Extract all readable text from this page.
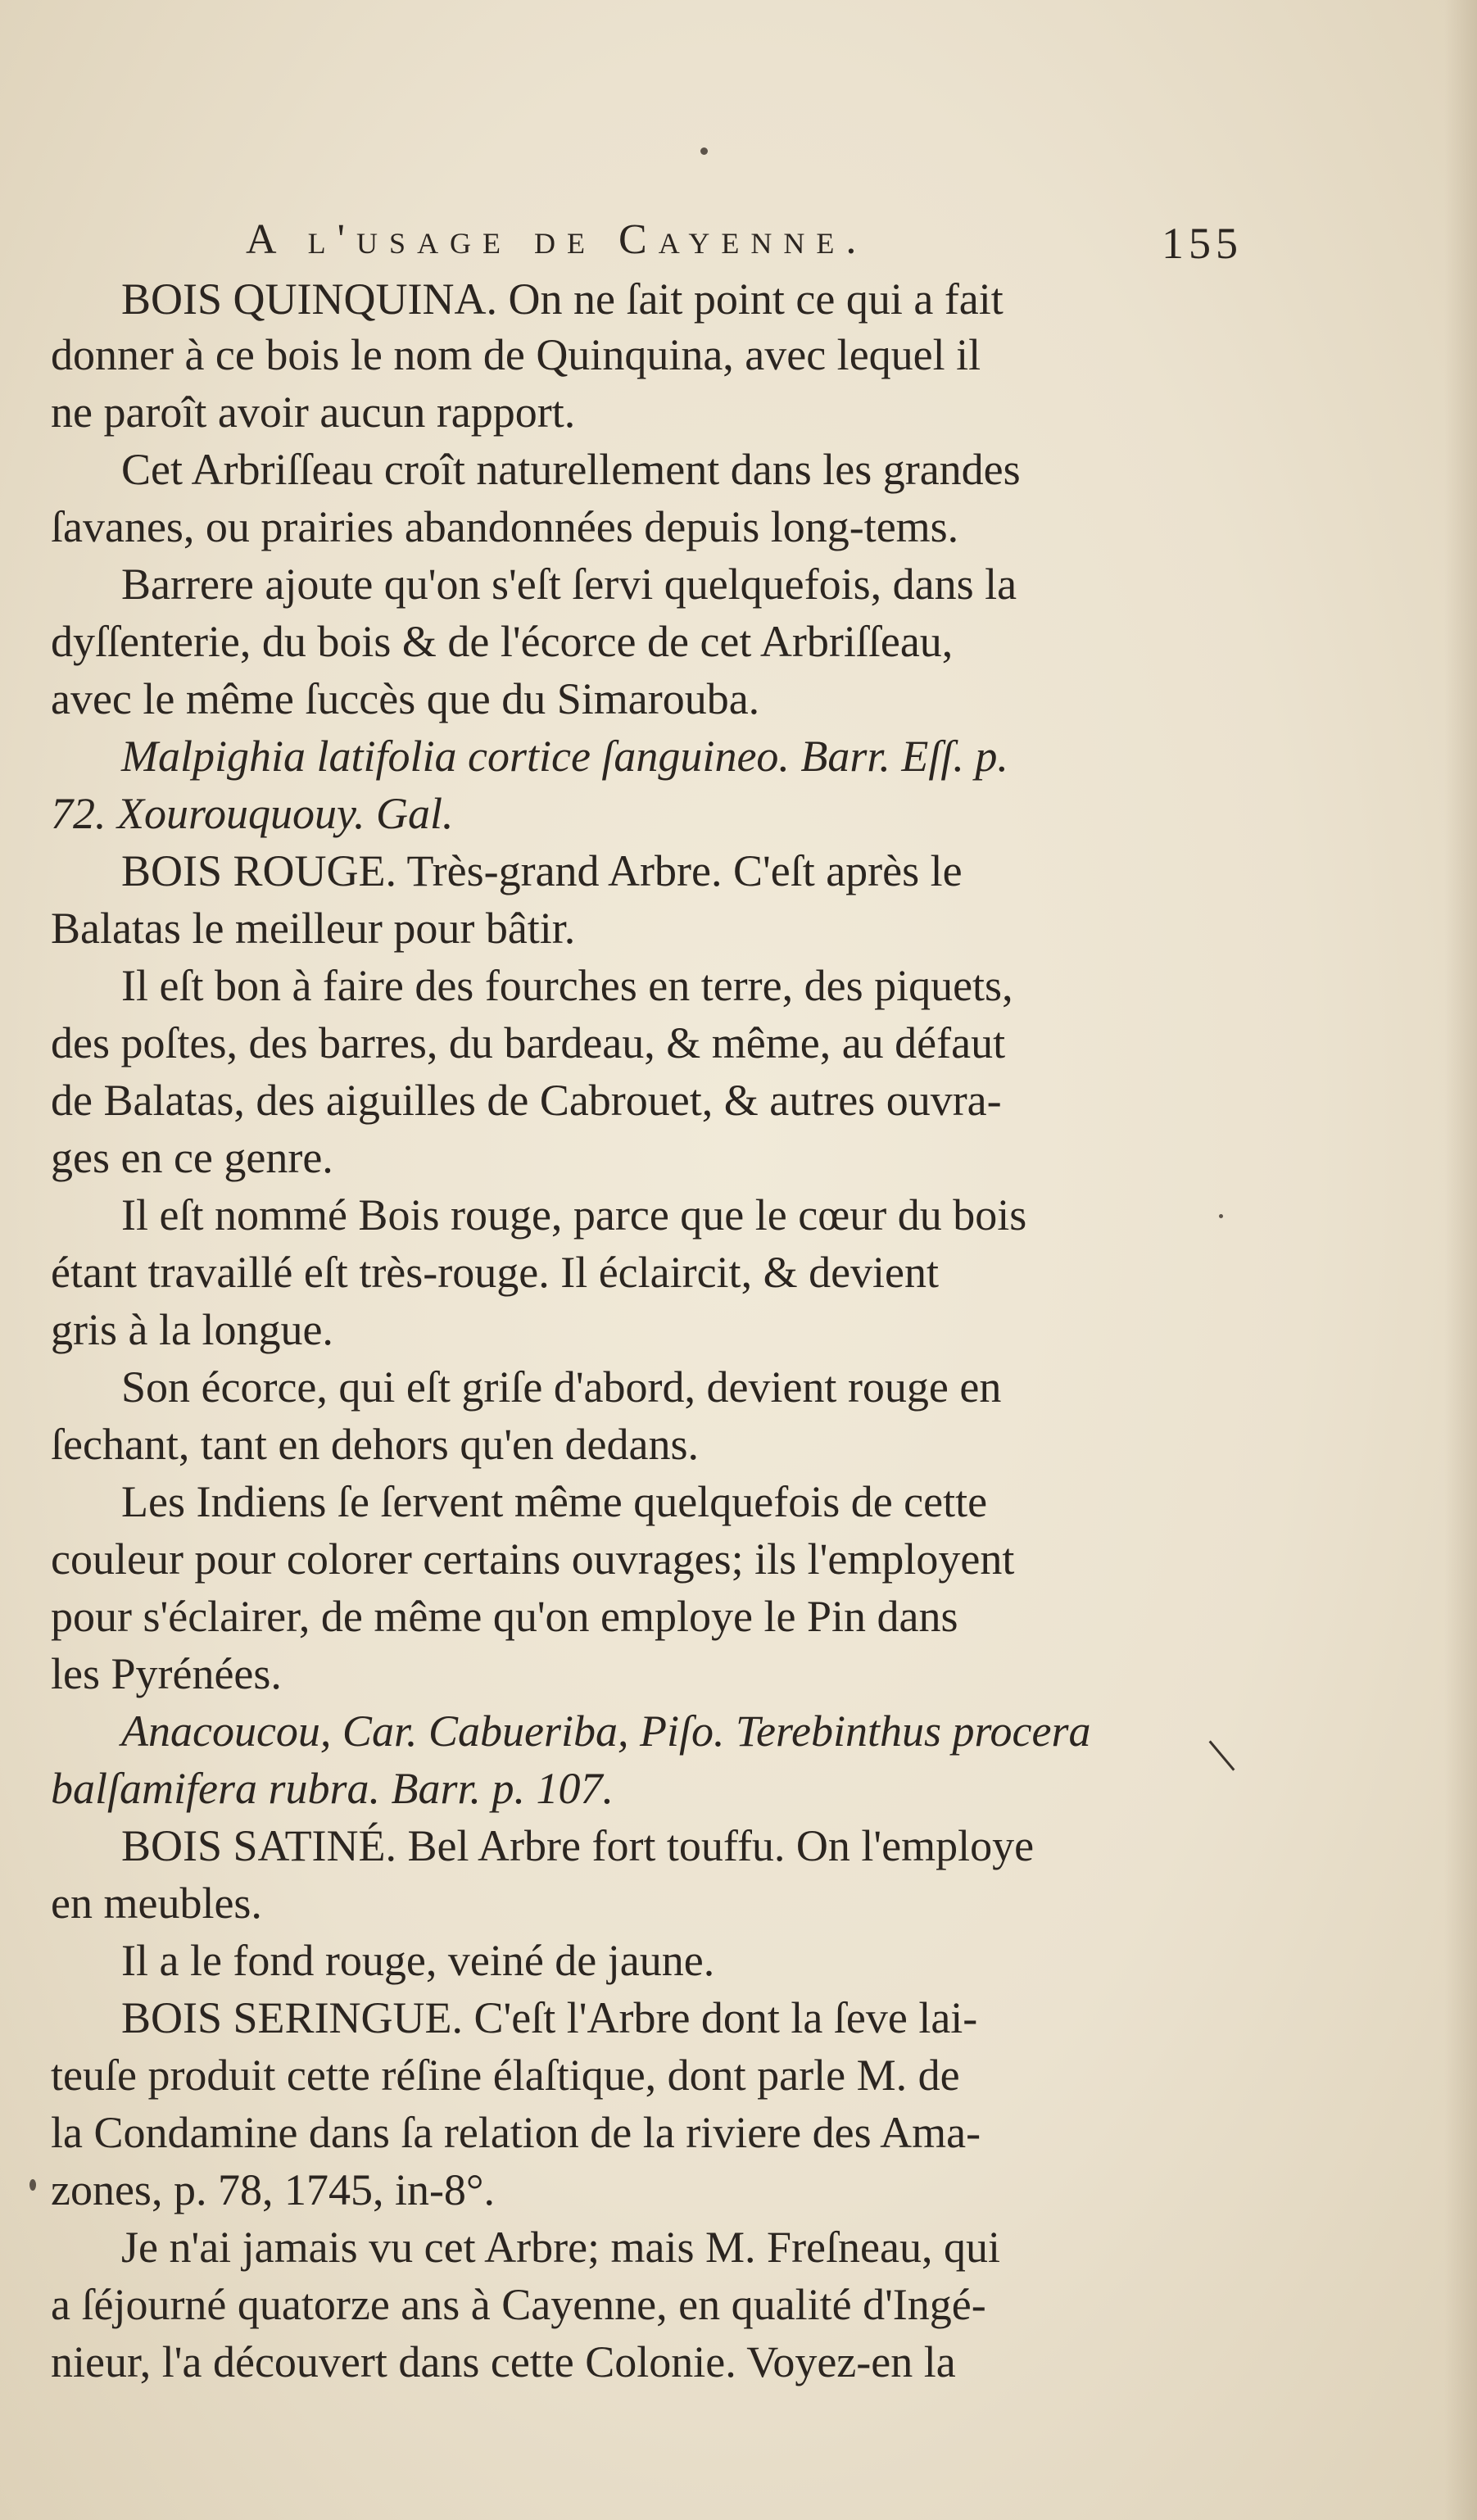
A l'usage de Cayenne.	155
BOIS QUINQUINA. On ne ſait point ce qui a fait
donner à ce bois le nom de Quinquina, avec lequel il
ne paroît avoir aucun rapport.
Cet Arbriſſeau croît naturellement dans les grandes
ſavanes, ou prairies abandonnées depuis long-tems.
Barrere ajoute qu'on s'eſt ſervi quelquefois, dans la
dyſſenterie, du bois & de l'écorce de cet Arbriſſeau,
avec le même ſuccès que du Simarouba.
Malpighia latifolia cortice ſanguineo. Barr. Eſſ. p.
72. Xourouquouy. Gal.
BOIS ROUGE. Très-grand Arbre. C'eſt après le
Balatas le meilleur pour bâtir.
Il eſt bon à faire des fourches en terre, des piquets,
des poſtes, des barres, du bardeau, & même, au défaut
de Balatas, des aiguilles de Cabrouet, & autres ouvra-
ges en ce genre.
Il eſt nommé Bois rouge, parce que le cœur du bois
étant travaillé eſt très-rouge. Il éclaircit, & devient
gris à la longue.
Son écorce, qui eſt griſe d'abord, devient rouge en
ſechant, tant en dehors qu'en dedans.
Les Indiens ſe ſervent même quelquefois de cette
couleur pour colorer certains ouvrages; ils l'employent
pour s'éclairer, de même qu'on employe le Pin dans
les Pyrénées.
Anacoucou, Car. Cabueriba, Piſo. Terebinthus procera
balſamifera rubra. Barr. p. 107.
BOIS SATINÉ. Bel Arbre fort touffu. On l'employe
en meubles.
Il a le fond rouge, veiné de jaune.
BOIS SERINGUE. C'eſt l'Arbre dont la ſeve lai-
teuſe produit cette réſine élaſtique, dont parle M. de
la Condamine dans ſa relation de la riviere des Ama-
zones, p. 78, 1745, in-8°.
Je n'ai jamais vu cet Arbre; mais M. Freſneau, qui
a ſéjourné quatorze ans à Cayenne, en qualité d'Ingé-
nieur, l'a découvert dans cette Colonie. Voyez-en la
